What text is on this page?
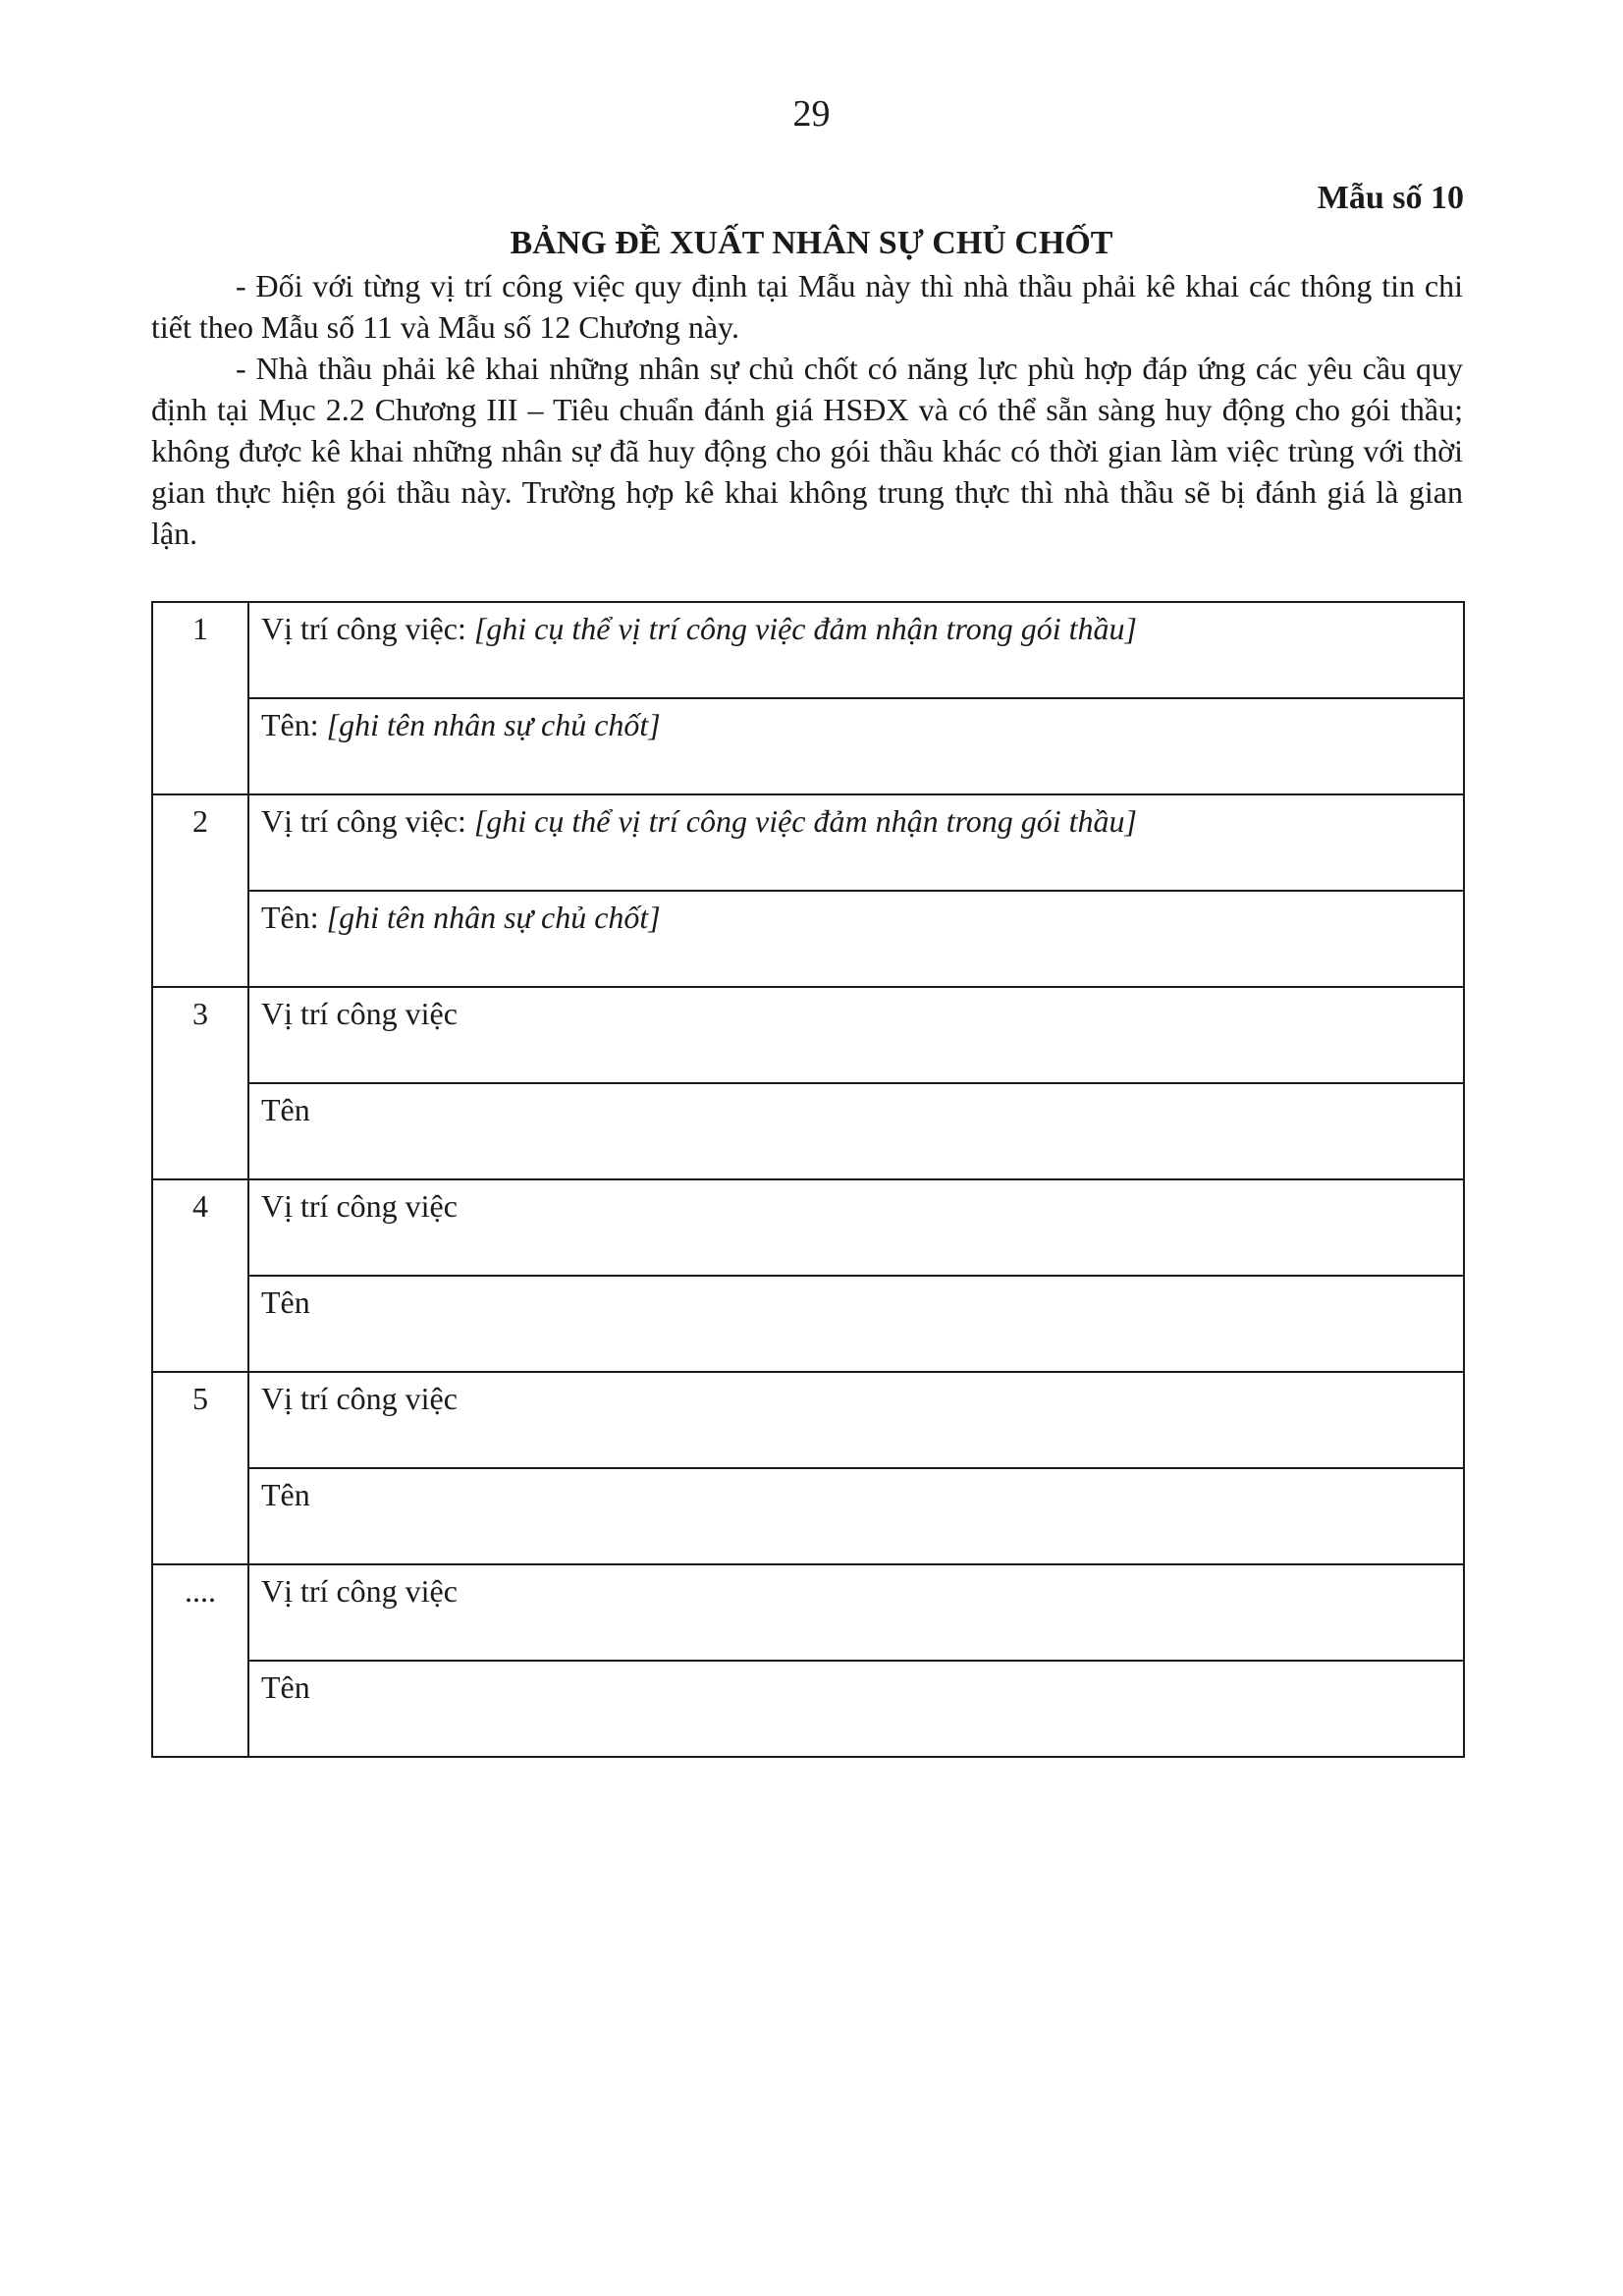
29
Mẫu số 10
BẢNG ĐỀ XUẤT NHÂN SỰ CHỦ CHỐT

- Đối với từng vị trí công việc quy định tại Mẫu này thì nhà thầu phải kê khai các thông tin chi tiết theo Mẫu số 11 và Mẫu số 12 Chương này.

- Nhà thầu phải kê khai những nhân sự chủ chốt có năng lực phù hợp đáp ứng các yêu cầu quy định tại Mục 2.2 Chương III – Tiêu chuẩn đánh giá HSĐX và có thể sẵn sàng huy động cho gói thầu; không được kê khai những nhân sự đã huy động cho gói thầu khác có thời gian làm việc trùng với thời gian thực hiện gói thầu này. Trường hợp kê khai không trung thực thì nhà thầu sẽ bị đánh giá là gian lận.

1	Vị trí công việc: [ghi cụ thể vị trí công việc đảm nhận trong gói thầu]

	Tên: [ghi tên nhân sự chủ chốt]

2	Vị trí công việc: [ghi cụ thể vị trí công việc đảm nhận trong gói thầu]

	Tên: [ghi tên nhân sự chủ chốt]

3	Vị trí công việc

	Tên

4	Vị trí công việc

	Tên

5	Vị trí công việc

	Tên

....	Vị trí công việc

	Tên
